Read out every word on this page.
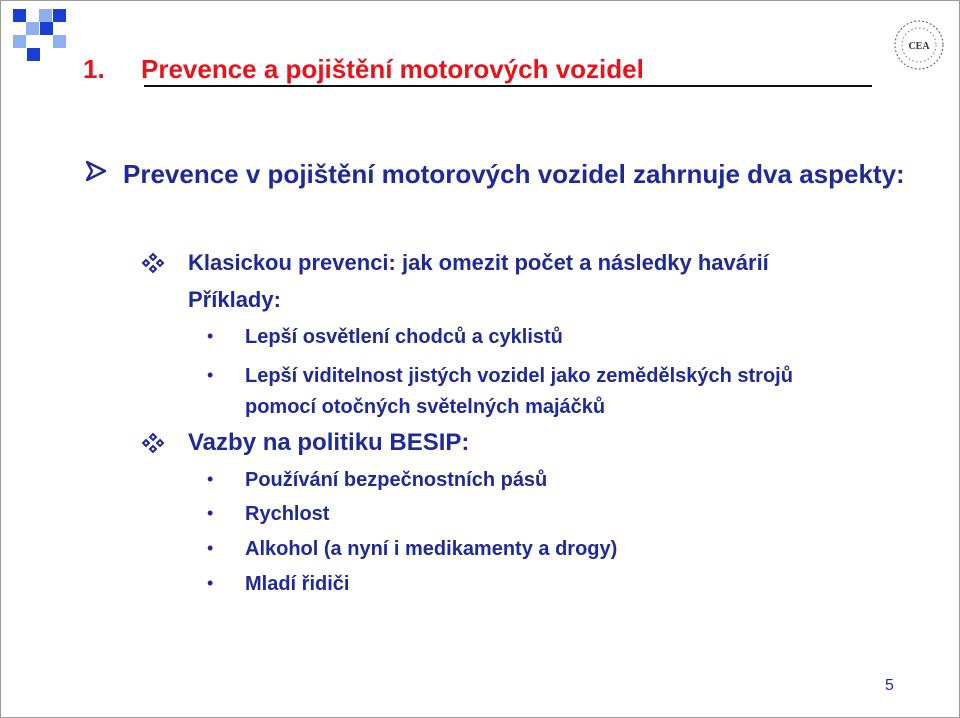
CEA
1. Prevence a pojištění motorových vozidel
Prevence v pojištění motorových vozidel zahrnuje dva aspekty:
Klasickou prevenci: jak omezit počet a následky havárií
Příklady:
• Lepší osvětlení chodců a cyklistů
• Lepší viditelnost jistých vozidel jako zemědělských strojů
pomocí otočných světelných majáčků
Vazby na politiku BESIP:
• Používání bezpečnostních pásů
• Rychlost
• Alkohol (a nyní i medikamenty a drogy)
• Mladí řidiči
5
